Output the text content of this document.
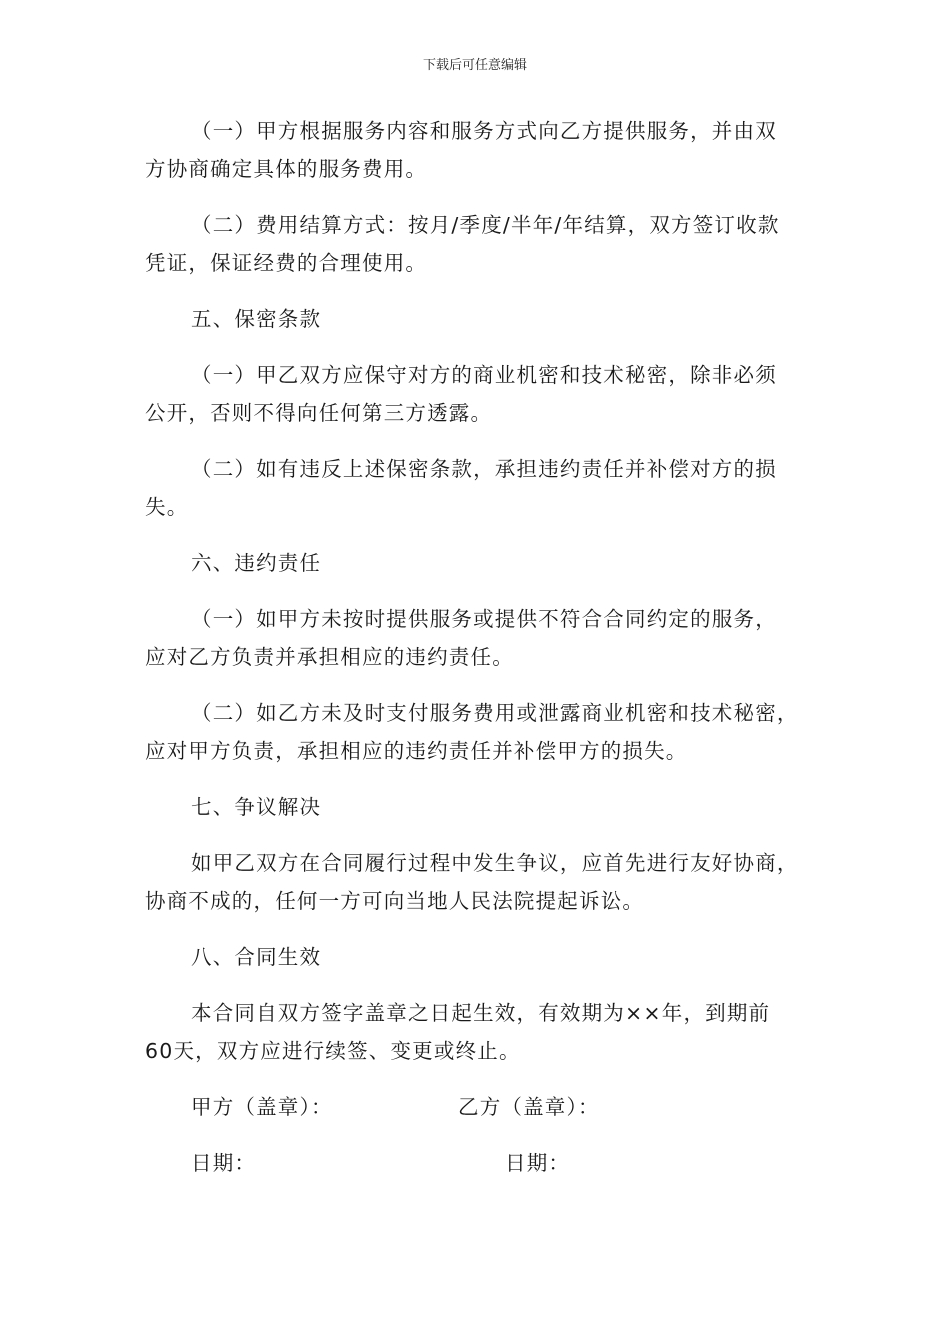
下载后可任意编辑
（一）甲方根据服务内容和服务方式向乙方提供服务，并由双
方协商确定具体的服务费用。
（二）费用结算方式：按月/季度/半年/年结算，双方签订收款
凭证，保证经费的合理使用。
五、保密条款
（一）甲乙双方应保守对方的商业机密和技术秘密，除非必须
公开，否则不得向任何第三方透露。
（二）如有违反上述保密条款，承担违约责任并补偿对方的损
失。
六、违约责任
（一）如甲方未按时提供服务或提供不符合合同约定的服务，
应对乙方负责并承担相应的违约责任。
（二）如乙方未及时支付服务费用或泄露商业机密和技术秘密，
应对甲方负责，承担相应的违约责任并补偿甲方的损失。
七、争议解决
如甲乙双方在合同履行过程中发生争议，应首先进行友好协商，
协商不成的，任何一方可向当地人民法院提起诉讼。
八、合同生效
本合同自双方签字盖章之日起生效，有效期为××年，到期前
60天，双方应进行续签、变更或终止。
甲方（盖章）：	乙方（盖章）：
日期：	日期：
